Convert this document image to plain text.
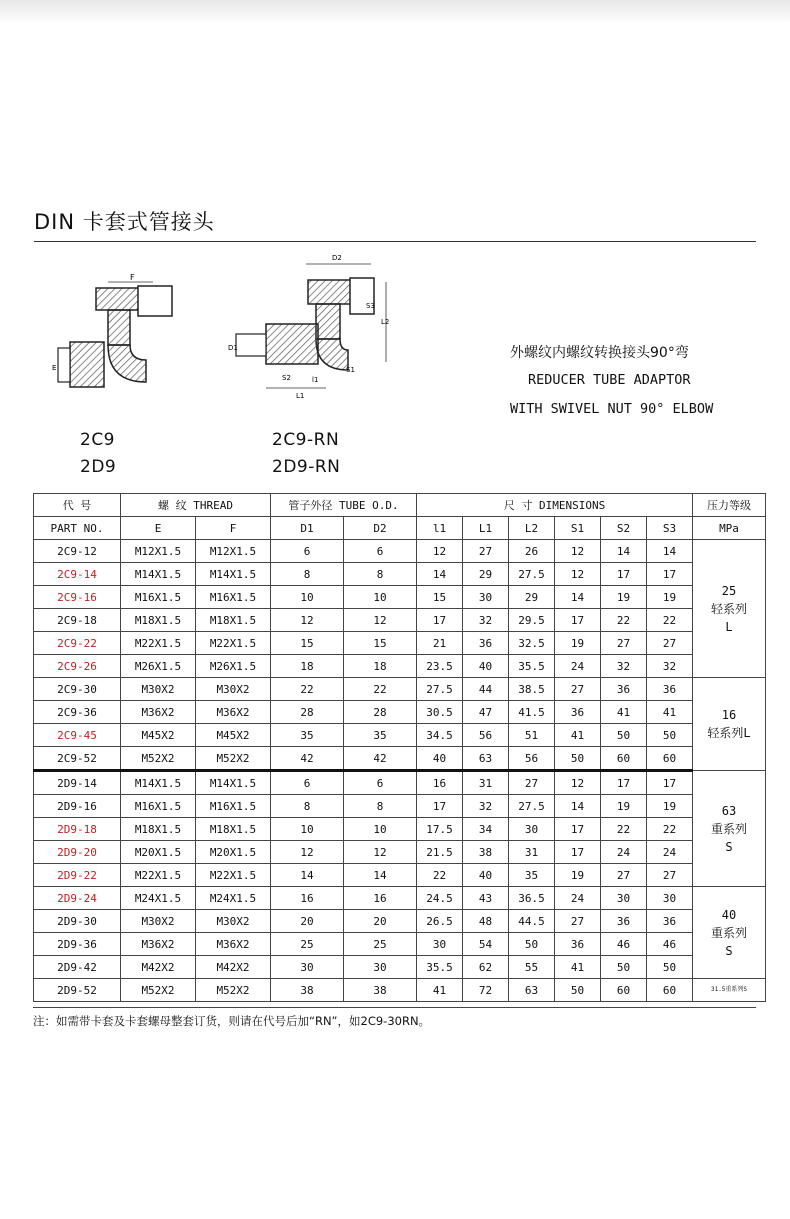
DIN 卡套式管接头
F
E
D2
S3
L2
D1
S2	l1
L1
S1
2C9
2D9
2C9-RN
2D9-RN
外螺纹内螺纹转换接头90°弯
REDUCER TUBE ADAPTOR
WITH SWIVEL NUT 90° ELBOW
代 号	螺 纹 THREAD		管子外径 TUBE O.D.		尺 寸 DIMENSIONS						压力等级
PART NO.	E	F	D1	D2	l1	L1	L2	S1	S2	S3	MPa
2C9-12	M12X1.5	M12X1.5	6	6	12	27	26	12	14	14	25
轻系列
L

2C9-14	M14X1.5	M14X1.5	8	8	14	29	27.5	12	17	17	
2C9-16	M16X1.5	M16X1.5	10	10	15	30	29	14	19	19	
2C9-18	M18X1.5	M18X1.5	12	12	17	32	29.5	17	22	22	
2C9-22	M22X1.5	M22X1.5	15	15	21	36	32.5	19	27	27	
2C9-26	M26X1.5	M26X1.5	18	18	23.5	40	35.5	24	32	32	
2C9-30	M30X2	M30X2	22	22	27.5	44	38.5	27	36	36	16
轻系列L

2C9-36	M36X2	M36X2	28	28	30.5	47	41.5	36	41	41	
2C9-45	M45X2	M45X2	35	35	34.5	56	51	41	50	50	
2C9-52	M52X2	M52X2	42	42	40	63	56	50	60	60	
2D9-14	M14X1.5	M14X1.5	6	6	16	31	27	12	17	17	63
重系列
S

2D9-16	M16X1.5	M16X1.5	8	8	17	32	27.5	14	19	19	
2D9-18	M18X1.5	M18X1.5	10	10	17.5	34	30	17	22	22	
2D9-20	M20X1.5	M20X1.5	12	12	21.5	38	31	17	24	24	
2D9-22	M22X1.5	M22X1.5	14	14	22	40	35	19	27	27	
2D9-24	M24X1.5	M24X1.5	16	16	24.5	43	36.5	24	30	30	40
重系列
S

2D9-30	M30X2	M30X2	20	20	26.5	48	44.5	27	36	36	
2D9-36	M36X2	M36X2	25	25	30	54	50	36	46	46	
2D9-42	M42X2	M42X2	30	30	35.5	62	55	41	50	50	
2D9-52	M52X2	M52X2	38	38	41	72	63	50	60	60	31.5重系列S
注：如需带卡套及卡套螺母整套订货，则请在代号后加“RN”，如2C9-30RN。
